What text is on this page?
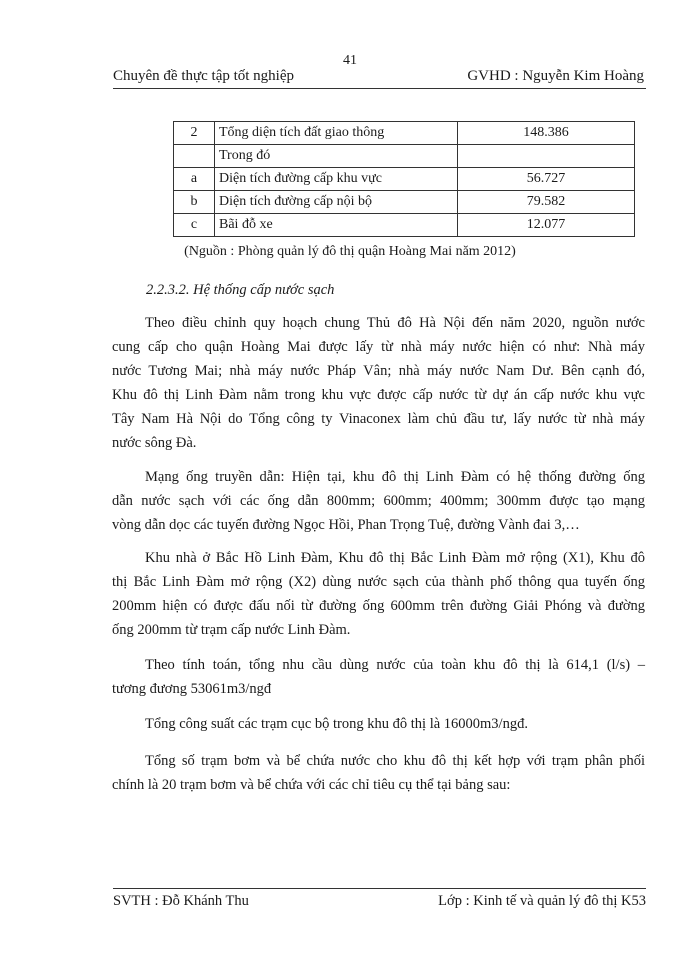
41
Chuyên đề thực tập tốt nghiệp	GVHD : Nguyễn Kim Hoàng
2	Tổng diện tích đất giao thông	148.386
	Trong đó	
a	Diện tích đường cấp khu vực	56.727
b	Diện tích đường cấp nội bộ	79.582
c	Bãi đỗ xe	12.077
(Nguồn : Phòng quản lý đô thị quận Hoàng Mai năm 2012)
2.2.3.2. Hệ thống cấp nước sạch
Theo điều chỉnh quy hoạch chung Thủ đô Hà Nội đến năm 2020, nguồn nước
cung cấp cho quận Hoàng Mai được lấy từ nhà máy nước hiện có như: Nhà máy
nước Tương Mai; nhà máy nước Pháp Vân; nhà máy nước Nam Dư. Bên cạnh đó,
Khu đô thị Linh Đàm nằm trong khu vực được cấp nước từ dự án cấp nước khu vực
Tây Nam Hà Nội do Tổng công ty Vinaconex làm chủ đầu tư, lấy nước từ nhà máy
nước sông Đà.
Mạng ống truyền dẫn: Hiện tại, khu đô thị Linh Đàm có hệ thống đường ống
dẫn nước sạch với các ống dẫn 800mm; 600mm; 400mm; 300mm được tạo mạng
vòng dẫn dọc các tuyến đường Ngọc Hồi, Phan Trọng Tuệ, đường Vành đai 3,…
Khu nhà ở Bắc Hồ Linh Đàm, Khu đô thị Bắc Linh Đàm mở rộng (X1), Khu đô
thị Bắc Linh Đàm mở rộng (X2) dùng nước sạch của thành phố thông qua tuyến ống
200mm hiện có được đấu nối từ đường ống 600mm trên đường Giải Phóng và đường
ống 200mm từ trạm cấp nước Linh Đàm.
Theo tính toán, tổng nhu cầu dùng nước của toàn khu đô thị là 614,1 (l/s) –
tương đương 53061m3/ngđ
Tổng công suất các trạm cục bộ trong khu đô thị là 16000m3/ngđ.
Tổng số trạm bơm và bể chứa nước cho khu đô thị kết hợp với trạm phân phối
chính là 20 trạm bơm và bể chứa với các chỉ tiêu cụ thể tại bảng sau:
SVTH : Đỗ Khánh Thu	Lớp : Kinh tế và quản lý đô thị K53
